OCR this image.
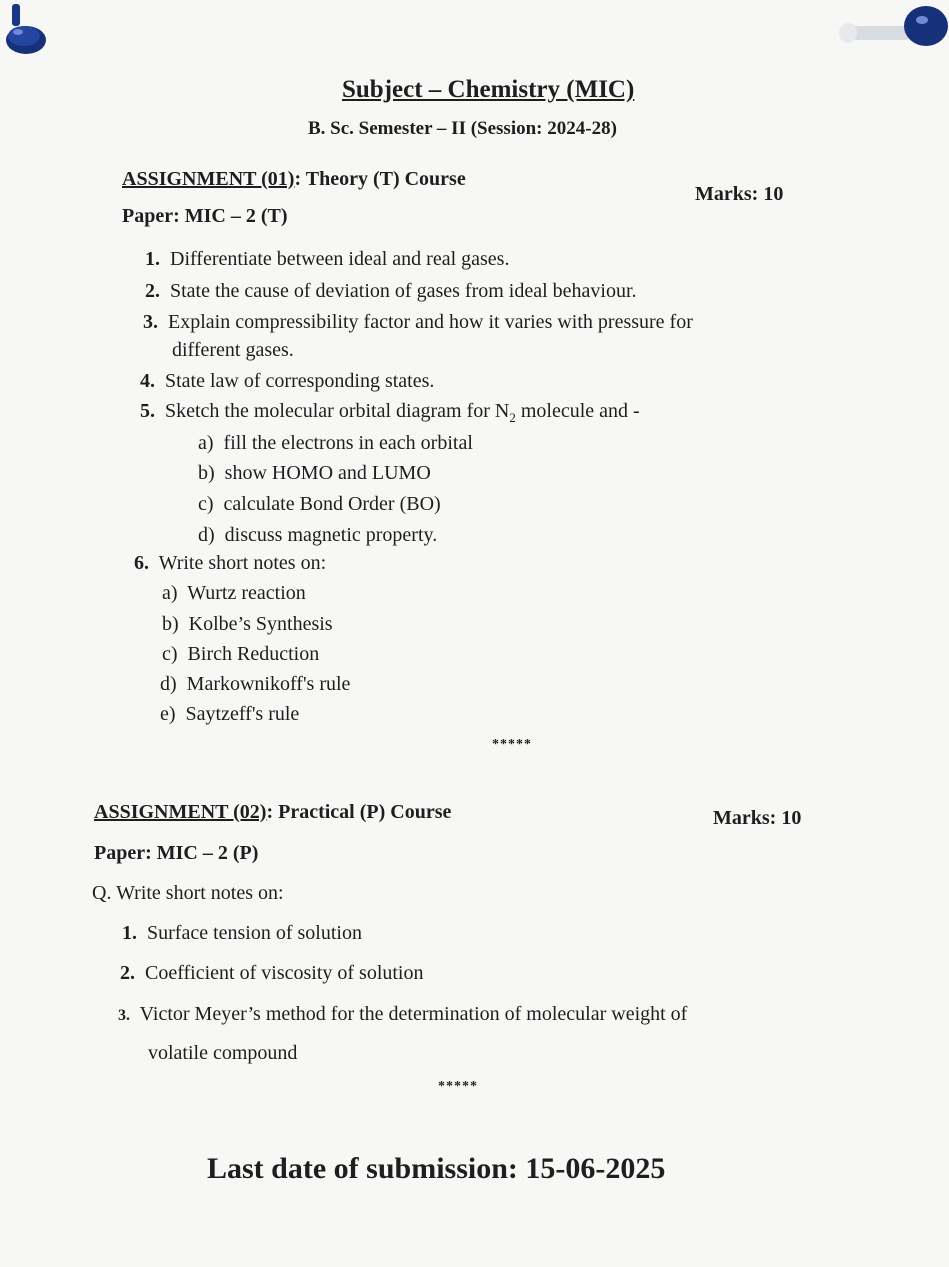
Subject – Chemistry (MIC)
B. Sc. Semester – II (Session: 2024-28)
ASSIGNMENT (01): Theory (T) Course
Marks: 10
Paper: MIC – 2 (T)
1. Differentiate between ideal and real gases.
2. State the cause of deviation of gases from ideal behaviour.
3. Explain compressibility factor and how it varies with pressure for
different gases.
4. State law of corresponding states.
5. Sketch the molecular orbital diagram for $N_2$ molecule and -
a) fill the electrons in each orbital
b) show HOMO and LUMO
c) calculate Bond Order (BO)
d) discuss magnetic property.
6. Write short notes on:
a) Wurtz reaction
b) Kolbe’s Synthesis
c) Birch Reduction
d) Markownikoff's rule
e) Saytzeff's rule
*****
ASSIGNMENT (02): Practical (P) Course	Marks: 10
Paper: MIC – 2 (P)
Q. Write short notes on:
1. Surface tension of solution
2. Coefficient of viscosity of solution
3. Victor Meyer’s method for the determination of molecular weight of
volatile compound
*****
Last date of submission: 15-06-2025
